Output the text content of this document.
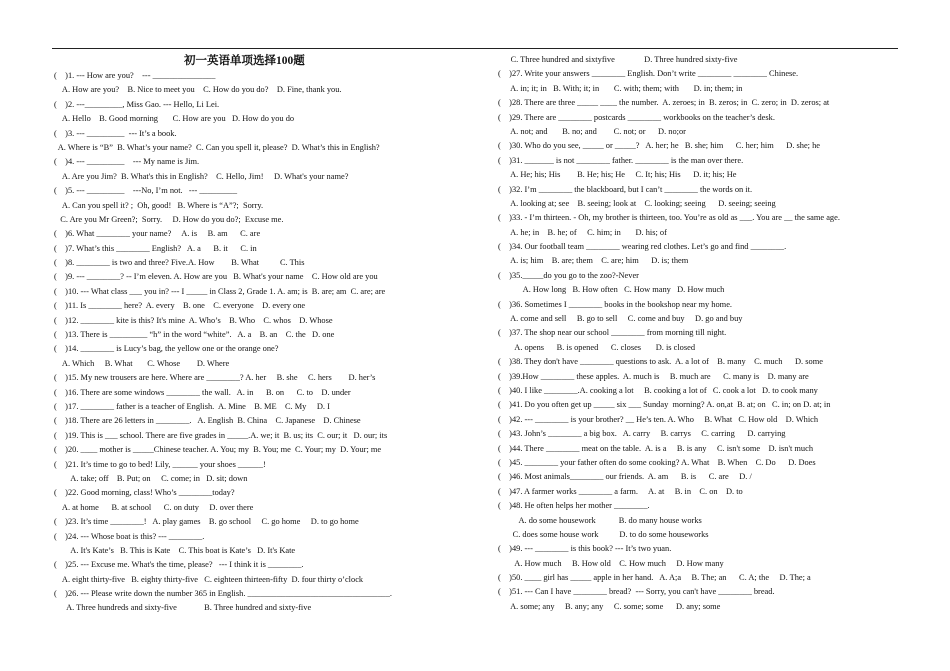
初一英语单项选择100题
(    )1. --- How are you?    --- _______________
A. How are you?    B. Nice to meet you    C. How do you do?    D. Fine, thank you.
(    )2. ---_________, Miss Gao. --- Hello, Li Lei.
A. Hello    B. Good morning       C. How are you   D. How do you do
(    )3. --- _________  --- It’s a book.
A. Where is “B”  B. What’s your name?  C. Can you spell it, please?  D. What’s this in English?
(    )4. --- _________    --- My name is Jim.
A. Are you Jim?  B. What's this in English?    C. Hello, Jim!     D. What's your name?
(    )5. --- _________    ---No, I’m not.   --- _________
A. Can you spell it? ;  Oh, good!   B. Where is “A”?;  Sorry.
C. Are you Mr Green?;  Sorry.     D. How do you do?;  Excuse me.
(    )6. What ________ your name?     A. is     B. am      C. are
(    )7. What’s this ________ English?   A. a      B. it      C. in
(    )8. ________ is two and three? Five.A. How        B. What          C. This
(    )9. --- ________? -- I’m eleven. A. How are you   B. What's your name    C. How old are you
(    )10. --- What class ___ you in? --- I _____ in Class 2, Grade 1. A. am; is  B. are; am  C. are; are
(    )11. Is ________ here?  A. every    B. one    C. everyone    D. every one
(    )12. ________ kite is this? It's mine  A. Who’s    B. Who    C. whos    D. Whose
(    )13. There is _________ “h” in the word “white”.   A. a    B. an    C. the   D. one
(    )14. ________ is Lucy’s bag, the yellow one or the orange one?
A. Which     B. What       C. Whose        D. Where
(    )15. My new trousers are here. Where are ________? A. her     B. she     C. hers        D. her’s
(    )16. There are some windows ________ the wall.   A. in      B. on      C. to    D. under
(    )17. ________ father is a teacher of English.  A. Mine    B. ME    C. My     D. I
(    )18. There are 26 letters in ________.   A. English  B. China    C. Japanese    D. Chinese
(    )19. This is ___ school. There are five grades in _____.A. we; it  B. us; its  C. our; it   D. our; its
(    )20. ____ mother is _____Chinese teacher. A. You; my  B. You; me  C. Your; my  D. Your; me
(    )21. It’s time to go to bed! Lily, ______ your shoes ______!
A. take; off    B. Put; on     C. come; in   D. sit; down
(    )22. Good morning, class! Who’s ________today?
A. at home      B. at school      C. on duty     D. over there
(    )23. It’s time ________!   A. play games    B. go school     C. go home     D. to go home
(    )24. --- Whose boat is this? --- ________.
A. It's Kate’s   B. This is Kate    C. This boat is Kate’s   D. It's Kate
(    )25. --- Excuse me. What's the time, please?   --- I think it is ________.
A. eight thirty-five   B. eighty thirty-five   C. eighteen thirteen-fifty  D. four thirty o’clock
(    )26. --- Please write down the number 365 in English. __________________________________.
A. Three hundreds and sixty-five             B. Three hundred and sixty-five
C. Three hundred and sixtyfive              D. Three hundred sixty-five
(    )27. Write your answers ________ English. Don’t write ________ ________ Chinese.
A. in; it; in   B. With; it; in       C. with; them; with       D. in; them; in
(    )28. There are three _____ ____ the number.  A. zeroes; in  B. zeros; in  C. zero; in  D. zeros; at
(    )29. There are ________ postcards ________ workbooks on the teacher’s desk.
A. not; and       B. no; and        C. not; or      D. no;or
(    )30. Who do you see, _____ or _____?   A. her; he   B. she; him      C. her; him      D. she; he
(    )31. _______ is not ________ father. ________ is the man over there.
A. He; his; His        B. He; his; He     C. It; his; His      D. it; his; He
(    )32. I’m ________ the blackboard, but I can’t ________ the words on it.
A. looking at; see    B. seeing; look at    C. looking; seeing      D. seeing; seeing
(    )33. - I’m thirteen. - Oh, my brother is thirteen, too. You’re as old as ___. You are __ the same age.
A. he; in    B. he; of     C. him; in       D. his; of
(    )34. Our football team ________ wearing red clothes. Let’s go and find ________.
A. is; him    B. are; them    C. are; him      D. is; them
(    )35._____do you go to the zoo?-Never
A. How long   B. How often   C. How many   D. How much
(    )36. Sometimes I ________ books in the bookshop near my home.
A. come and sell     B. go to sell     C. come and buy     D. go and buy
(    )37. The shop near our school ________ from morning till night.
A. opens      B. is opened      C. closes       D. is closed
(    )38. They don't have ________ questions to ask.  A. a lot of    B. many    C. much      D. some
(    )39.How ________ these apples.  A. much is     B. much are      C. many is    D. many are
(    )40. I like ________.A. cooking a lot     B. cooking a lot of   C. cook a lot   D. to cook many
(    )41. Do you often get up _____ six ___ Sunday  morning? A. on,at  B. at; on   C. in; on D. at; in
(    )42. --- ________ is your brother? __ He’s ten. A. Who     B. What   C. How old    D. Which
(    )43. John’s ________ a big box.   A. carry     B. carrys     C. carring      D. carrying
(    )44. There ________ meat on the table.  A. is a     B. is any     C. isn't some    D. isn't much
(    )45. ________ your father often do some cooking? A. What    B. When    C. Do      D. Does
(    )46. Most animals________ our friends.  A. am      B. is      C. are     D. /
(    )47. A farmer works ________ a farm.     A. at     B. in    C. on    D. to
(    )48. He often helps her mother ________.
A. do some housework           B. do many house works
C. does some house work          D. to do some houseworks
(    )49. --- ________ is this book? --- It’s two yuan.
A. How much     B. How old    C. How much     D. How many
(    )50. ____ girl has _____ apple in her hand.   A. A;a     B. The; an      C. A; the     D. The; a
(    )51. --- Can I have ________ bread?  --- Sorry, you can't have ________ bread.
A. some; any     B. any; any     C. some; some      D. any; some
